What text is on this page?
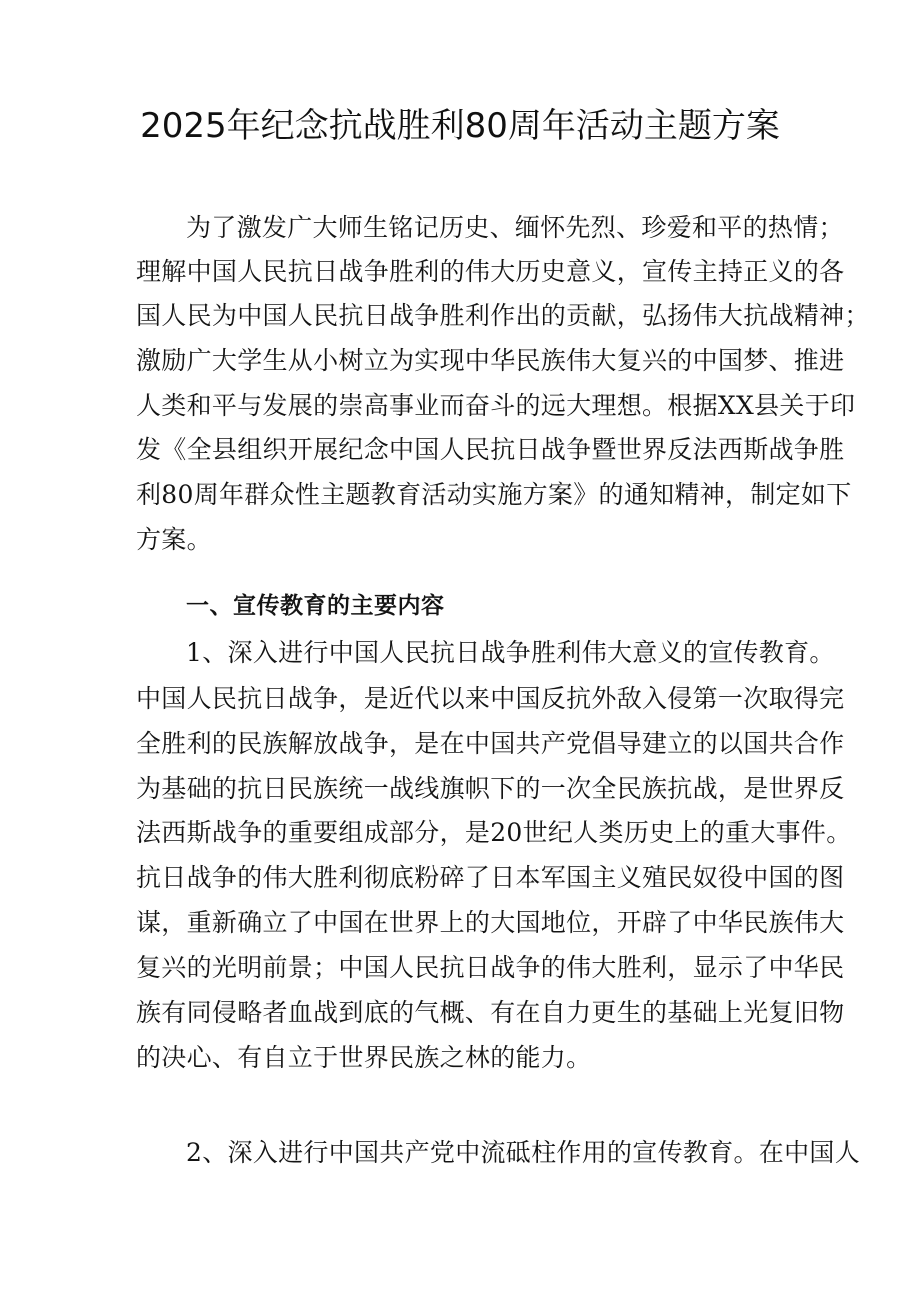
2025年纪念抗战胜利80周年活动主题方案
为了激发广大师生铭记历史、缅怀先烈、珍爱和平的热情；
理解中国人民抗日战争胜利的伟大历史意义，宣传主持正义的各
国人民为中国人民抗日战争胜利作出的贡献，弘扬伟大抗战精神；
激励广大学生从小树立为实现中华民族伟大复兴的中国梦、推进
人类和平与发展的崇高事业而奋斗的远大理想。根据XX县关于印
发《全县组织开展纪念中国人民抗日战争暨世界反法西斯战争胜
利80周年群众性主题教育活动实施方案》的通知精神，制定如下
方案。
一、宣传教育的主要内容
1、深入进行中国人民抗日战争胜利伟大意义的宣传教育。
中国人民抗日战争，是近代以来中国反抗外敌入侵第一次取得完
全胜利的民族解放战争，是在中国共产党倡导建立的以国共合作
为基础的抗日民族统一战线旗帜下的一次全民族抗战，是世界反
法西斯战争的重要组成部分，是20世纪人类历史上的重大事件。
抗日战争的伟大胜利彻底粉碎了日本军国主义殖民奴役中国的图
谋，重新确立了中国在世界上的大国地位，开辟了中华民族伟大
复兴的光明前景；中国人民抗日战争的伟大胜利，显示了中华民
族有同侵略者血战到底的气概、有在自力更生的基础上光复旧物
的决心、有自立于世界民族之林的能力。
2、深入进行中国共产党中流砥柱作用的宣传教育。在中国人
